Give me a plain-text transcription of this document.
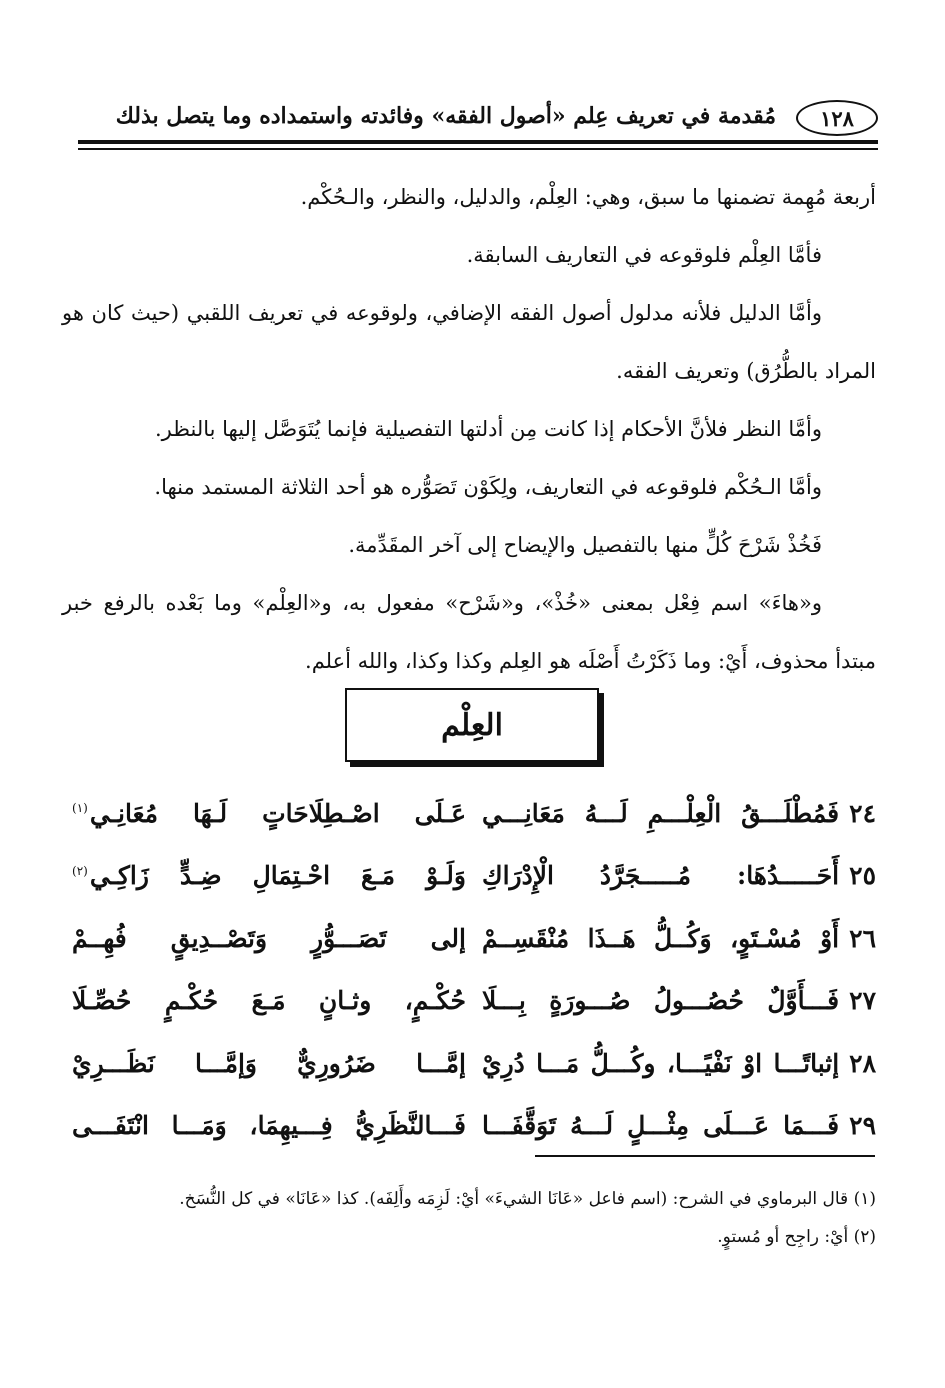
١٢٨
مُقدمة في تعريف عِلم «أصول الفقه» وفائدته واستمداده وما يتصل بذلك

أربعة مُهِمة تضمنها ما سبق، وهي: العِلْم، والدليل، والنظر، والـحُكْم.

فأمَّا العِلْم فلوقوعه في التعاريف السابقة.

وأمَّا الدليل فلأنه مدلول أصول الفقه الإضافي، ولوقوعه في تعريف اللقبي (حيث كان هو المراد بالطُّرُق) وتعريف الفقه.

وأمَّا النظر فلأنَّ الأحكام إذا كانت مِن أدلتها التفصيلية فإنما يُتَوَصَّل إليها بالنظر.

وأمَّا الـحُكْم فلوقوعه في التعاريف، ولِكَوْن تَصَوُّره هو أحد الثلاثة المستمد منها.

فَخُذْ شَرْحَ كُلٍّ منها بالتفصيل والإيضاح إلى آخر المقَدِّمة.

و«هاءَ» اسم فِعْل بمعنى «خُذْ»، و«شَرْح» مفعول به، و«العِلْم» وما بَعْده بالرفع خبر مبتدأ محذوف، أَيْ: وما ذَكَرْتُ أَصْلَه هو العِلم وكذا وكذا، والله أعلم.

العِلْم
٢٤فَمُطْلَـــقُ الْعِلْـــمِ لَـــهُ مَعَانِـــي
عَـلَى اصْـطِلَاحَاتٍ لَـهَا مُعَانِـي$^{(١)}$
٢٥أَحَـــــدُهَا: مُـــــجَرَّدُ الْإِدْرَاكِ
وَلَـوْ مَـعَ احْـتِمَالِ ضِـدٍّ زَاكِـي$^{(٢)}$
٢٦أَوْ مُسْـتَوٍ، وَكُــلُّ هَــذَا مُنْقَسِــمْ
إلى تَصَـــوُّرٍ وَتَصْــدِيقٍ فُهِــمْ
٢٧فَـــأَوَّلٌ حُصُـــولُ صُـــورَةٍ بِـــلَا
حُكْـمٍ، وثـانٍ مَـعَ حُكْـمٍ حُصِّـلَا
٢٨إثباتًـــا اوْ نَفْيًـــا، وكُـــلُّ مَـــا دُرِيْ
إمَّـــا ضَرُورِيٌّ وَإمَّـــا نَظَـــرِيْ
٢٩فَـــمَا عَـــلَى مِثْـــلٍ لَـــهُ تَوَقَّفَـــا
فَـــالنَّظَرِيُّ فِـــيهِمَا، وَمَـــا انْتَفَـــى

(١) قال البرماوي في الشرح: (اسم فاعل «عَانَا الشيءَ» أيْ: لَزِمَه وأَلِفَه). كذا «عَانَا» في كل النُّسَخ.

(٢) أيْ: راجِح أو مُستوٍ.
